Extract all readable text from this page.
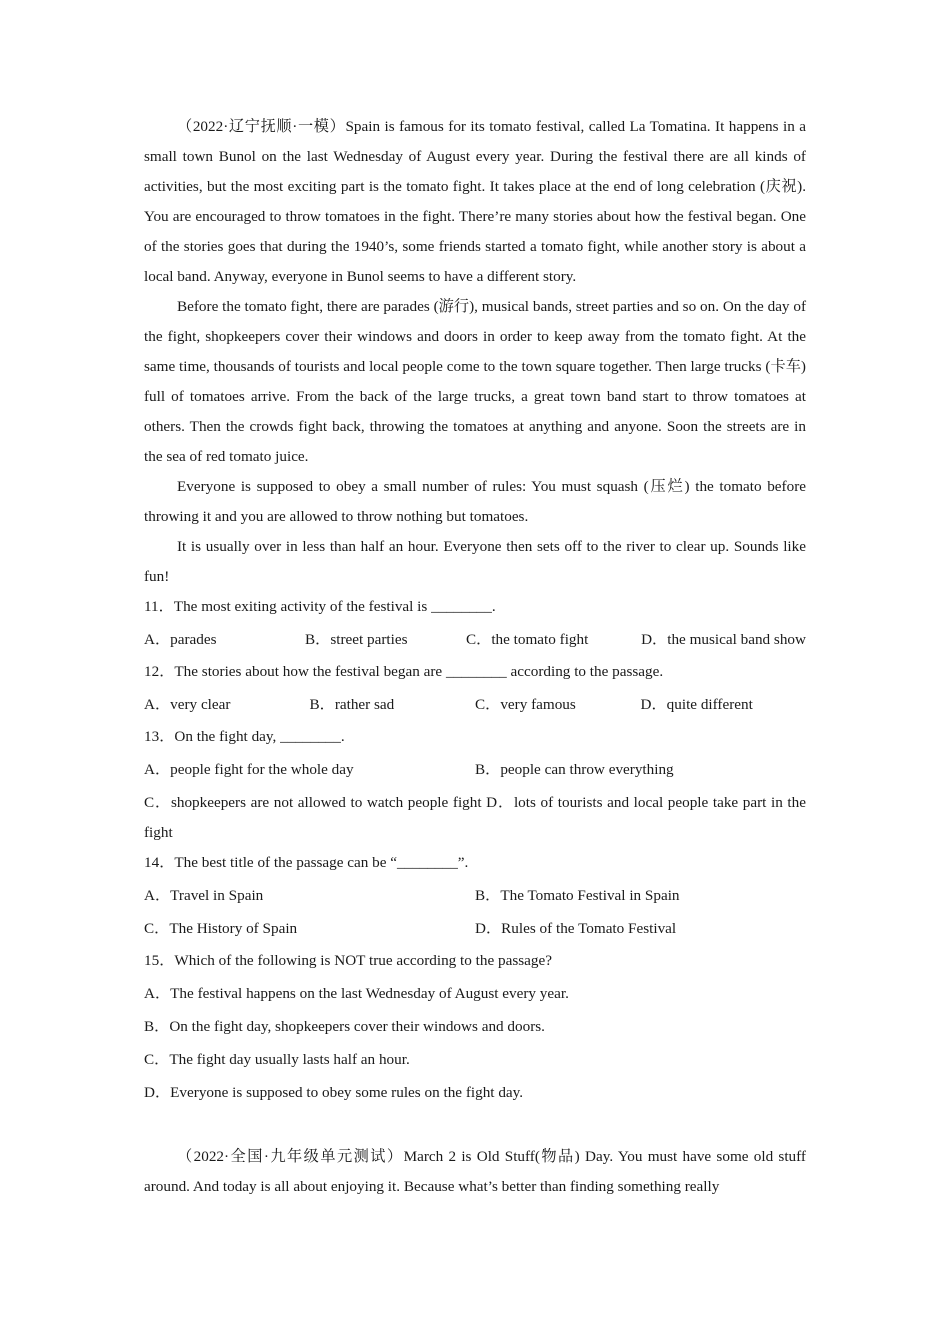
（2022·辽宁抚顺·一模）Spain is famous for its tomato festival, called La Tomatina. It happens in a small town Bunol on the last Wednesday of August every year. During the festival there are all kinds of activities, but the most exciting part is the tomato fight. It takes place at the end of long celebration (庆祝). You are encouraged to throw tomatoes in the fight. There’re many stories about how the festival began. One of the stories goes that during the 1940’s, some friends started a tomato fight, while another story is about a local band. Anyway, everyone in Bunol seems to have a different story.

Before the tomato fight, there are parades (游行), musical bands, street parties and so on. On the day of the fight, shopkeepers cover their windows and doors in order to keep away from the tomato fight. At the same time, thousands of tourists and local people come to the town square together. Then large trucks (卡车) full of tomatoes arrive. From the back of the large trucks, a great town band start to throw tomatoes at others. Then the crowds fight back, throwing the tomatoes at anything and anyone. Soon the streets are in the sea of red tomato juice.

Everyone is supposed to obey a small number of rules: You must squash (压烂) the tomato before throwing it and you are allowed to throw nothing but tomatoes.

It is usually over in less than half an hour. Everyone then sets off to the river to clear up. Sounds like fun!

11．The most exiting activity of the festival is ________.

A．parades	B．street parties	C．the tomato fight	D．the musical band show

12．The stories about how the festival began are ________ according to the passage.

A．very clear	B．rather sad	C．very famous	D．quite different

13．On the fight day, ________.

A．people fight for the whole day	B．people can throw everything

C．shopkeepers are not allowed to watch people fight D．lots of tourists and local people take part in the fight

14．The best title of the passage can be “________”.

A．Travel in Spain	B．The Tomato Festival in Spain
C．The History of Spain	D．Rules of the Tomato Festival

15．Which of the following is NOT true according to the passage?

A．The festival happens on the last Wednesday of August every year.

B．On the fight day, shopkeepers cover their windows and doors.

C．The fight day usually lasts half an hour.

D．Everyone is supposed to obey some rules on the fight day.

（2022·全国·九年级单元测试）March 2 is Old Stuff(物品) Day. You must have some old stuff around. And today is all about enjoying it. Because what’s better than finding something really
